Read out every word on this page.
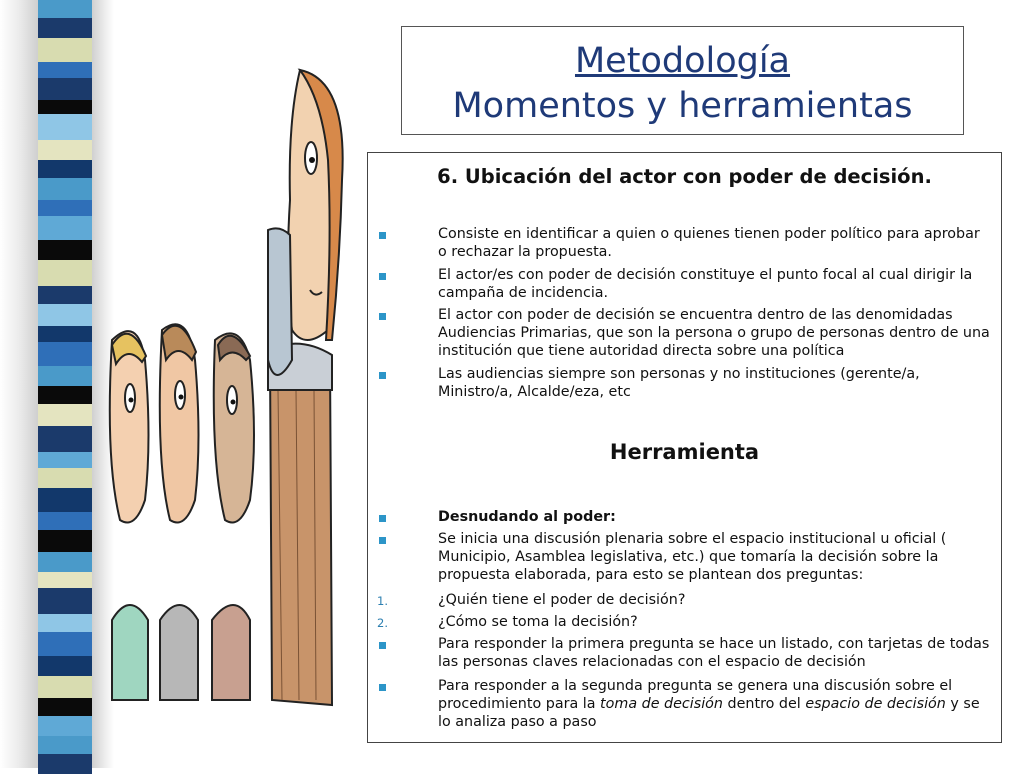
Metodología
Momentos y herramientas
6. Ubicación del actor con poder de decisión.
Consiste en identificar a quien o quienes tienen poder político para aprobar o rechazar la propuesta.
El actor/es con poder de decisión constituye el punto focal al cual dirigir la campaña de incidencia.
El actor con poder de decisión se encuentra dentro de las denomidadas Audiencias Primarias, que son la persona o grupo de personas dentro de una institución que tiene autoridad directa sobre una política
Las audiencias siempre son personas y no instituciones (gerente/a, Ministro/a, Alcalde/eza, etc
Herramienta
Desnudando al poder:
Se inicia una discusión plenaria sobre el espacio institucional u oficial ( Municipio, Asamblea legislativa, etc.) que tomaría la decisión sobre la propuesta elaborada, para esto se plantean dos preguntas:
1.	¿Quién tiene el poder de decisión?
2.	¿Cómo se toma la decisión?
Para responder la primera pregunta se hace un listado, con tarjetas de todas las personas claves relacionadas con el espacio de decisión
Para responder a la segunda pregunta se genera una discusión sobre el procedimiento para la toma de decisión dentro del espacio de decisión y se lo analiza paso a paso
